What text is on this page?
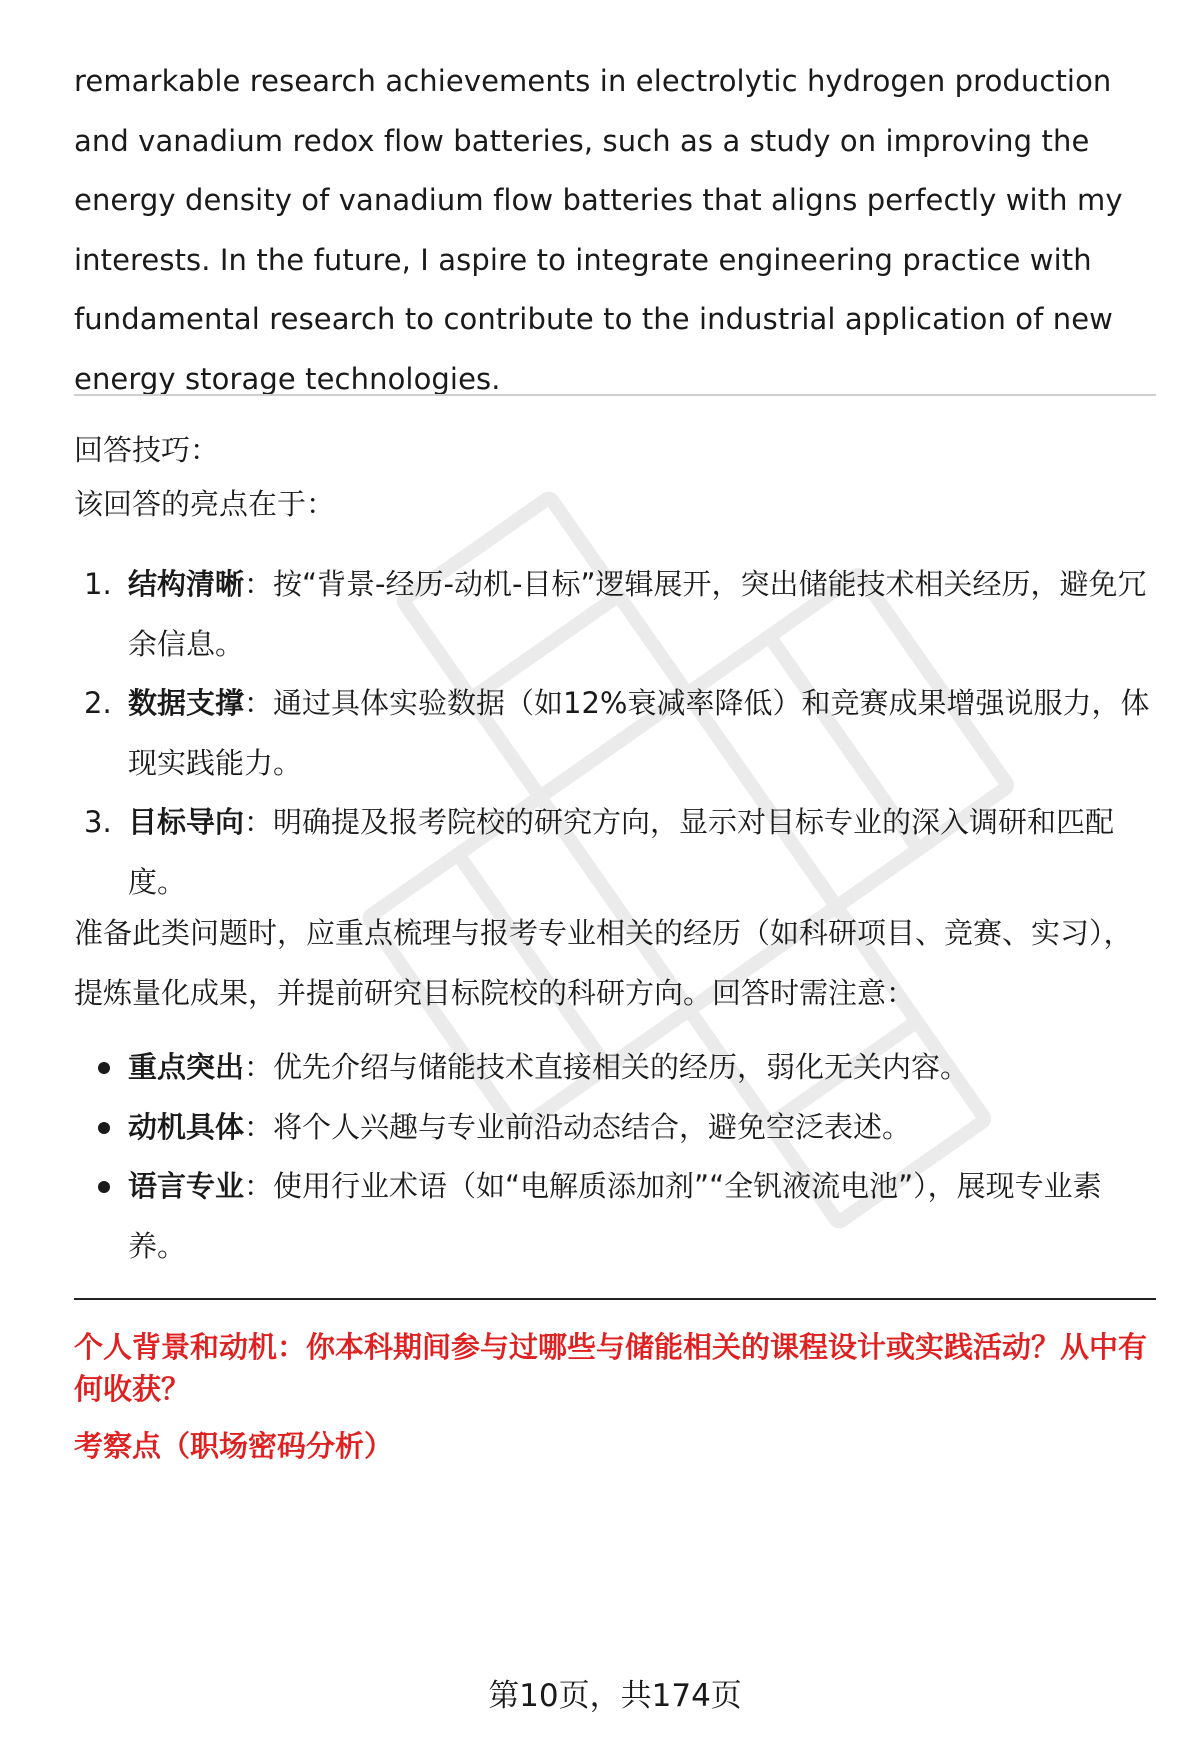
remarkable research achievements in electrolytic hydrogen production and vanadium redox flow batteries, such as a study on improving the energy density of vanadium flow batteries that aligns perfectly with my interests. In the future, I aspire to integrate engineering practice with fundamental research to contribute to the industrial application of new energy storage technologies.

回答技巧：

该回答的亮点在于：

1. 结构清晰：按“背景-经历-动机-目标”逻辑展开，突出储能技术相关经历，避免冗余信息。
2. 数据支撑：通过具体实验数据（如12%衰减率降低）和竞赛成果增强说服力，体现实践能力。
3. 目标导向：明确提及报考院校的研究方向，显示对目标专业的深入调研和匹配度。

准备此类问题时，应重点梳理与报考专业相关的经历（如科研项目、竞赛、实习），提炼量化成果，并提前研究目标院校的科研方向。回答时需注意：

重点突出：优先介绍与储能技术直接相关的经历，弱化无关内容。
动机具体：将个人兴趣与专业前沿动态结合，避免空泛表述。
语言专业：使用行业术语（如“电解质添加剂”“全钒液流电池”），展现专业素养。

个人背景和动机：你本科期间参与过哪些与储能相关的课程设计或实践活动？从中有何收获？

考察点（职场密码分析）

第10页，共174页
